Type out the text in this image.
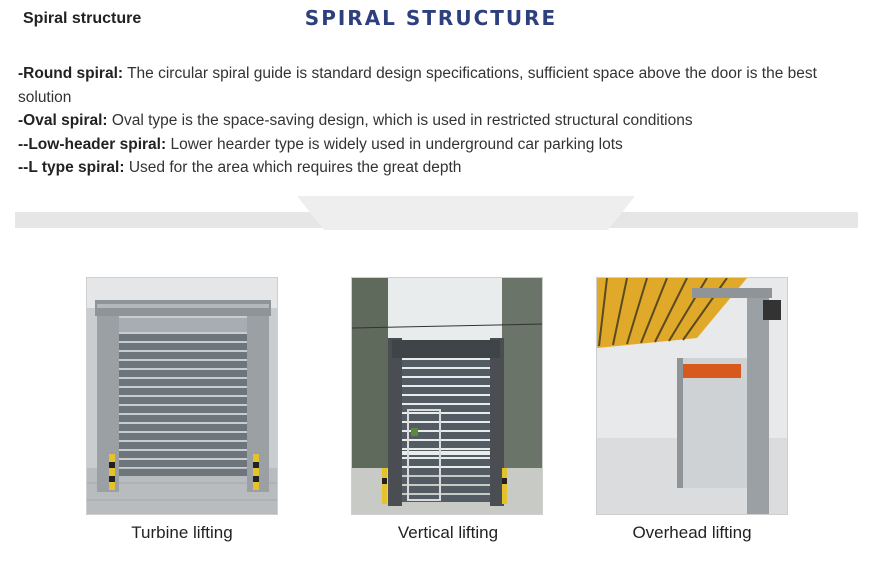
Spiral structure

-Round spiral: The circular spiral guide is standard design specifications, sufficient space above the door is the best solution

-Oval spiral: Oval type is the space-saving design, which is used in restricted structural conditions

--Low-header spiral: Lower hearder type is widely used in underground car parking lots

--L type spiral: Used for the area which requires the great depth

SPIRAL STRUCTURE
Turbine lifting	Vertical lifting	Overhead lifting
